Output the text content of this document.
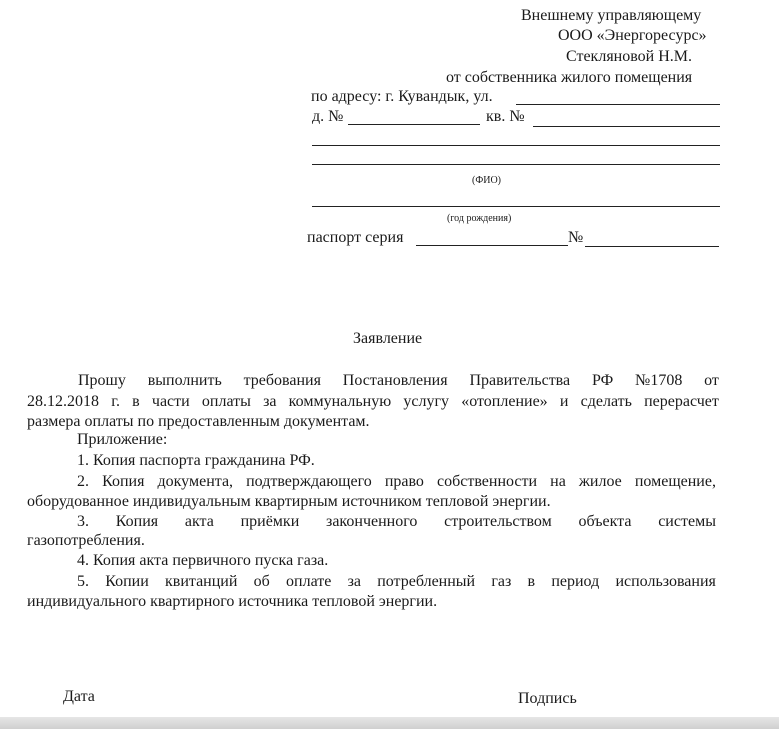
Внешнему управляющему
ООО «Энергоресурс»
Стекляновой Н.М.
от собственника жилого помещения
по адресу: г. Кувандык, ул.
д. №	кв. №
(ФИО)
(год рождения)
паспорт серия	№
Заявление
Прошу выполнить требования Постановления Правительства РФ №1708 от
28.12.2018 г. в части оплаты за коммунальную услугу «отопление» и сделать перерасчет
размера оплаты по предоставленным документам.
Приложение:
1. Копия паспорта гражданина РФ.
2. Копия документа, подтверждающего право собственности на жилое помещение,
оборудованное индивидуальным квартирным источником тепловой энергии.
3. Копия акта приёмки законченного строительством объекта системы
газопотребления.
4. Копия акта первичного пуска газа.
5. Копии квитанций об оплате за потребленный газ в период использования
индивидуального квартирного источника тепловой энергии.
Дата	Подпись
